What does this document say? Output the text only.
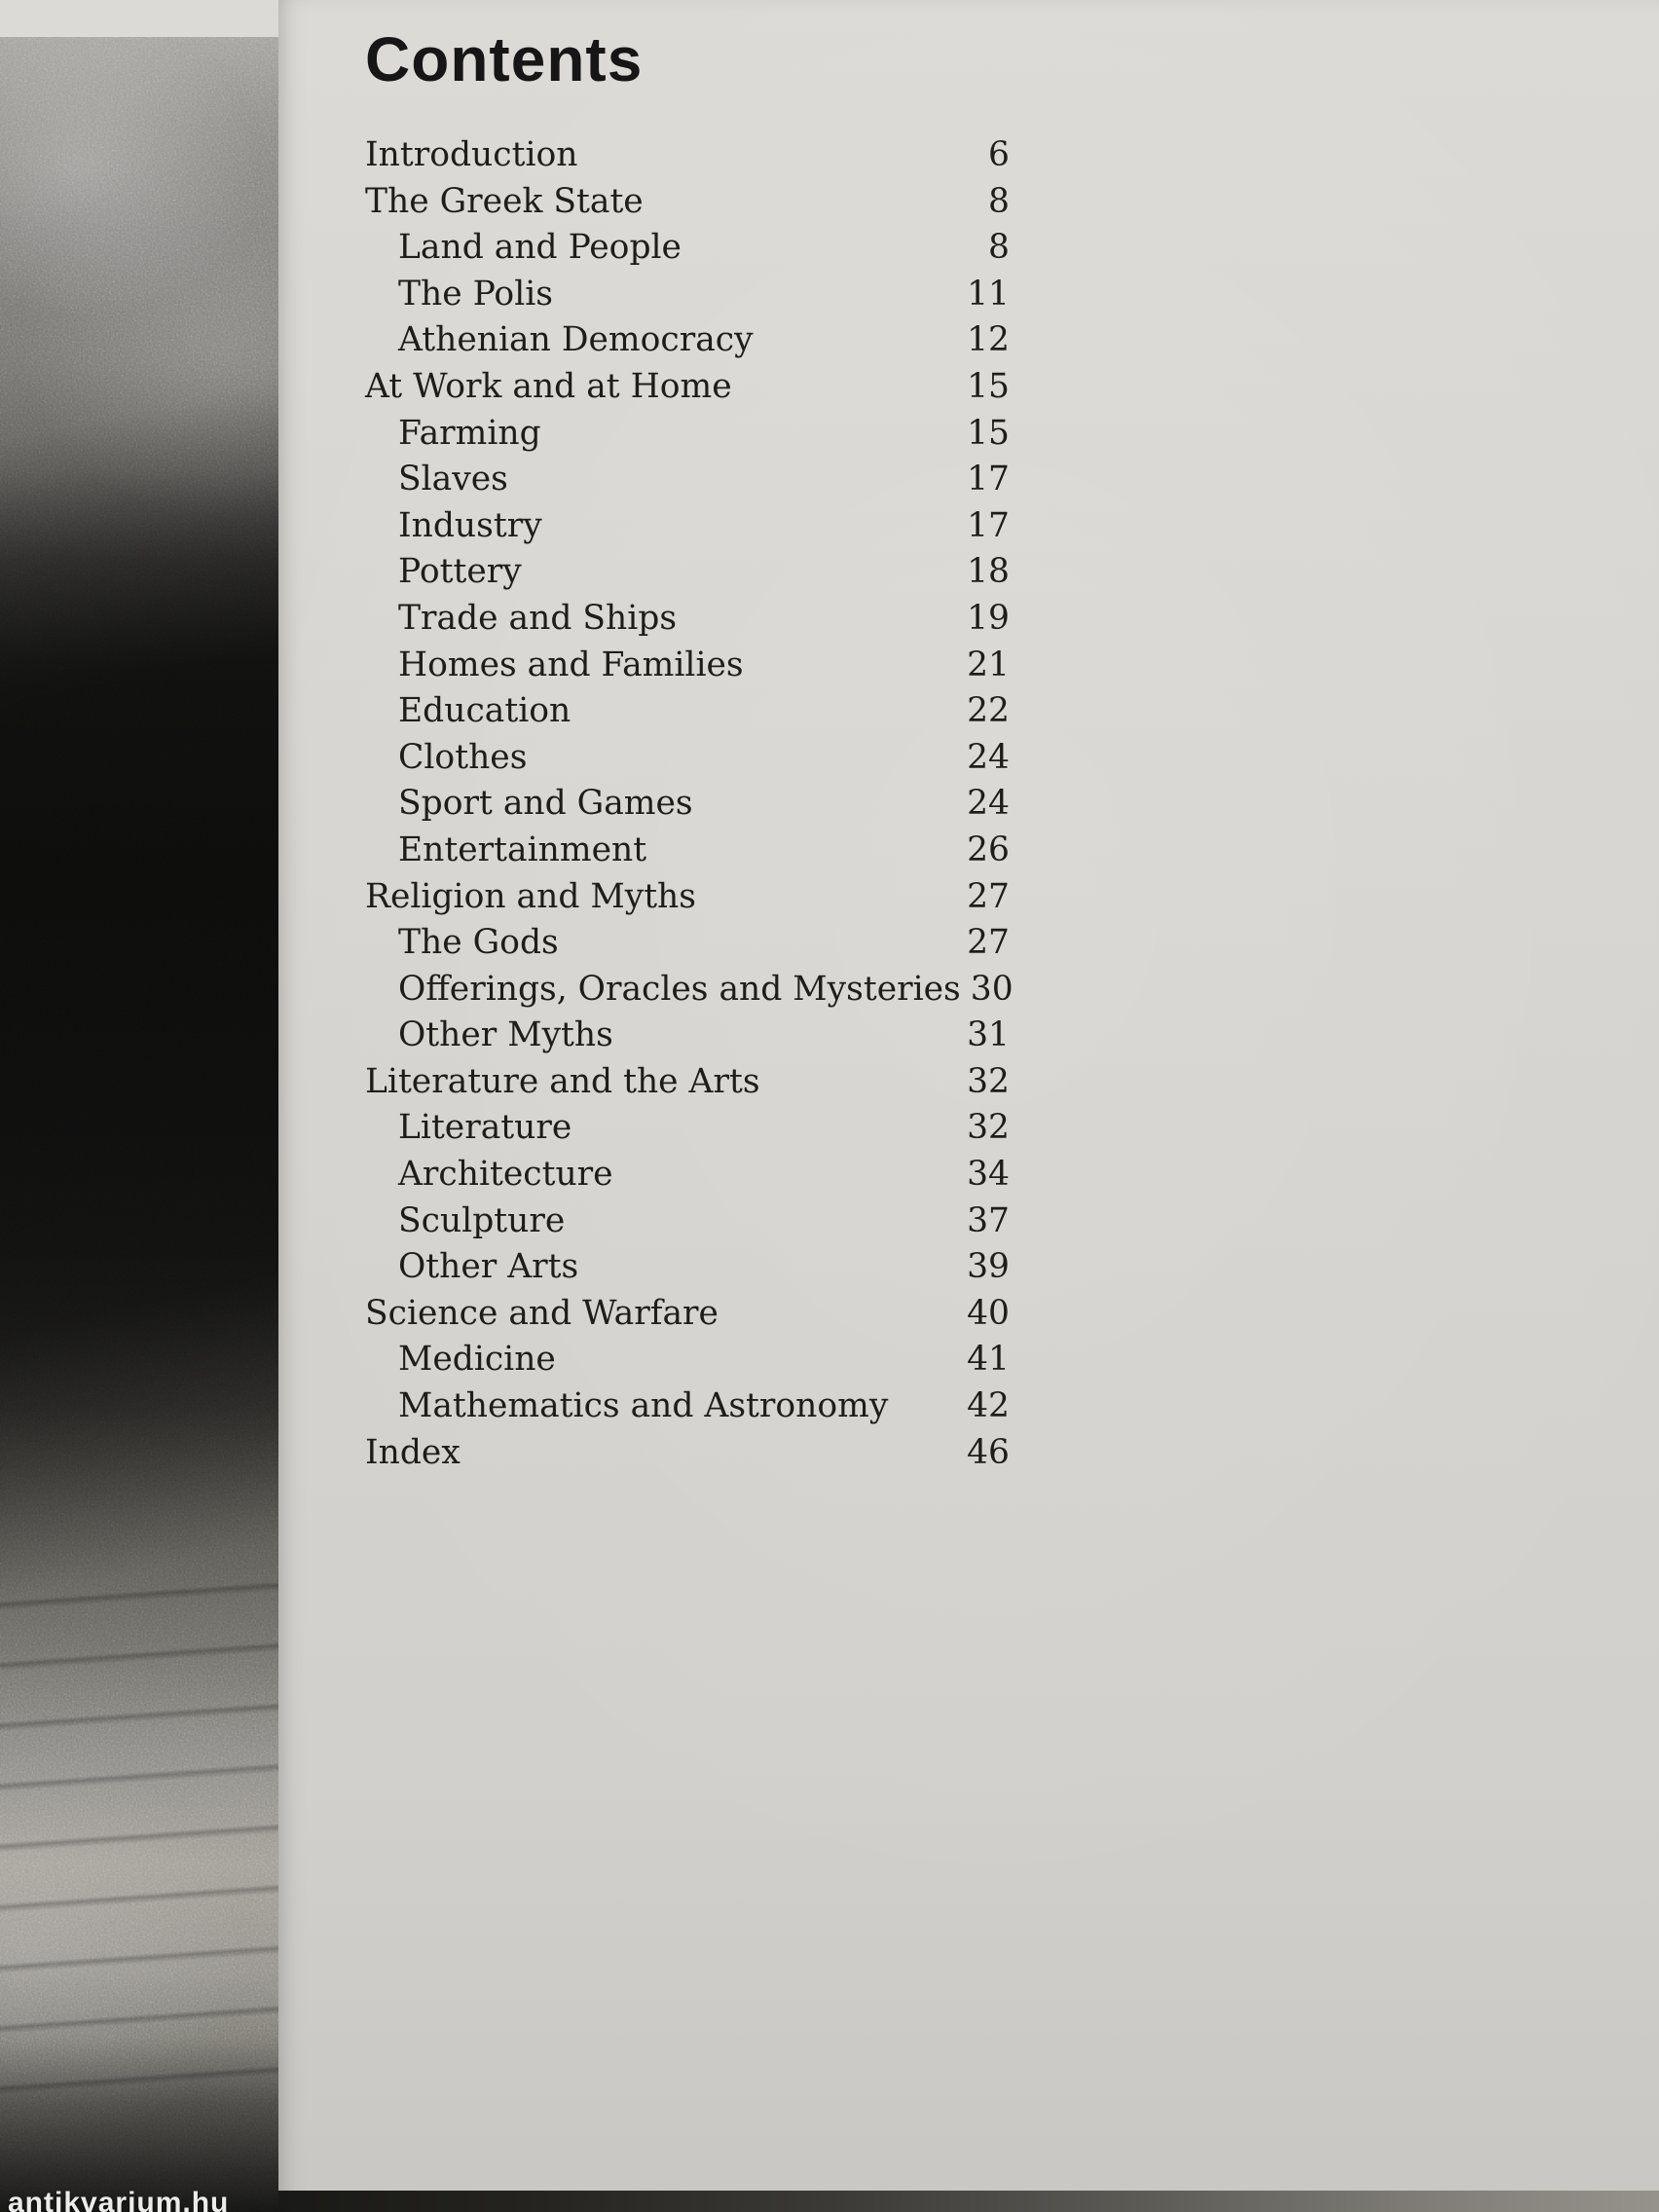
antikvarium.hu
Contents
Introduction	6
The Greek State	8
Land and People	8
The Polis	11
Athenian Democracy	12
At Work and at Home	15
Farming	15
Slaves	17
Industry	17
Pottery	18
Trade and Ships	19
Homes and Families	21
Education	22
Clothes	24
Sport and Games	24
Entertainment	26
Religion and Myths	27
The Gods	27
Offerings, Oracles and Mysteries 30
Other Myths	31
Literature and the Arts	32
Literature	32
Architecture	34
Sculpture	37
Other Arts	39
Science and Warfare	40
Medicine	41
Mathematics and Astronomy 42
Index	46
